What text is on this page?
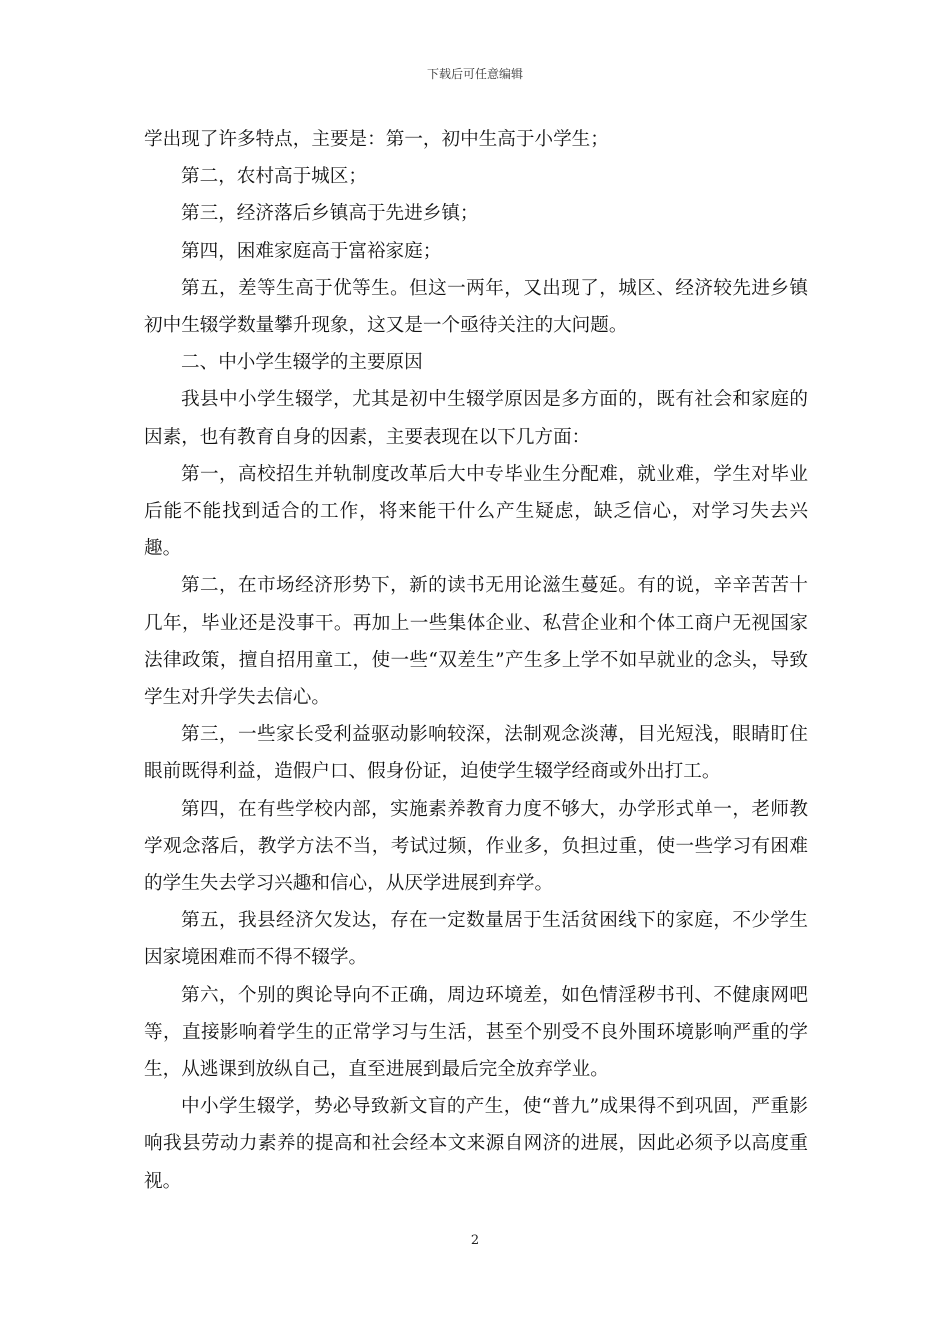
下载后可任意编辑

学出现了许多特点，主要是：第一，初中生高于小学生；

第二，农村高于城区；

第三，经济落后乡镇高于先进乡镇；

第四，困难家庭高于富裕家庭；

第五，差等生高于优等生。但这一两年，又出现了，城区、经济较先进乡镇初中生辍学数量攀升现象，这又是一个亟待关注的大问题。

二、中小学生辍学的主要原因

我县中小学生辍学，尤其是初中生辍学原因是多方面的，既有社会和家庭的因素，也有教育自身的因素，主要表现在以下几方面：

第一，高校招生并轨制度改革后大中专毕业生分配难，就业难，学生对毕业后能不能找到适合的工作，将来能干什么产生疑虑，缺乏信心，对学习失去兴趣。

第二，在市场经济形势下，新的读书无用论滋生蔓延。有的说，辛辛苦苦十几年，毕业还是没事干。再加上一些集体企业、私营企业和个体工商户无视国家法律政策，擅自招用童工，使一些“双差生”产生多上学不如早就业的念头，导致学生对升学失去信心。

第三，一些家长受利益驱动影响较深，法制观念淡薄，目光短浅，眼睛盯住眼前既得利益，造假户口、假身份证，迫使学生辍学经商或外出打工。

第四，在有些学校内部，实施素养教育力度不够大，办学形式单一，老师教学观念落后，教学方法不当，考试过频，作业多，负担过重，使一些学习有困难的学生失去学习兴趣和信心，从厌学进展到弃学。

第五，我县经济欠发达，存在一定数量居于生活贫困线下的家庭，不少学生因家境困难而不得不辍学。

第六，个别的舆论导向不正确，周边环境差，如色情淫秽书刊、不健康网吧等，直接影响着学生的正常学习与生活，甚至个别受不良外围环境影响严重的学生，从逃课到放纵自己，直至进展到最后完全放弃学业。

中小学生辍学，势必导致新文盲的产生，使“普九”成果得不到巩固，严重影响我县劳动力素养的提高和社会经本文来源自网济的进展，因此必须予以高度重视。

2
